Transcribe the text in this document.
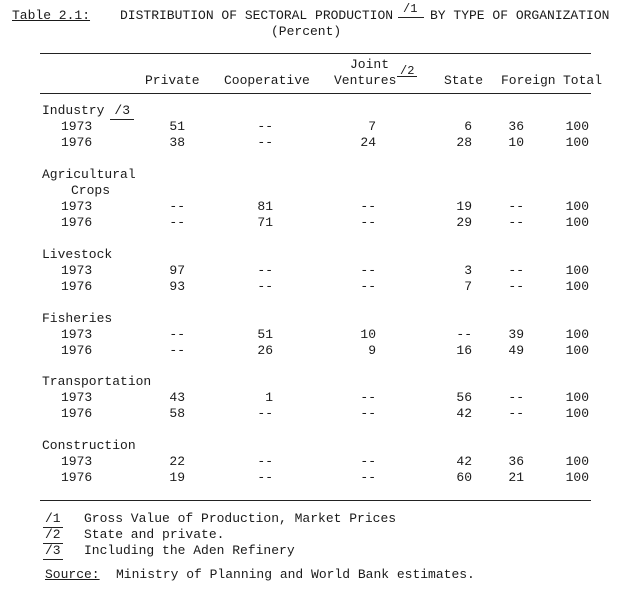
Table 2.1: DISTRIBUTION OF SECTORAL PRODUCTION /1 BY TYPE OF ORGANIZATION
(Percent)
Private Cooperative
Joint
Ventures
/2
State Foreign Total
Industry /3
1973	51	--	7	6	36	100
1976	38	--	24	28	10	100
Agricultural
Crops
1973	--	81	--	19	--	100
1976	--	71	--	29	--	100
Livestock
1973	97	--	--	3	--	100
1976	93	--	--	7	--	100
Fisheries
1973	--	51	10	--	39	100
1976	--	26	9	16	49	100
Transportation
1973	43	1	--	56	--	100
1976	58	--	--	42	--	100
Construction
1973	22	--	--	42	36	100
1976	19	--	--	60	21	100
/1 Gross Value of Production, Market Prices
/2 State and private.
/3 Including the Aden Refinery
Source: Ministry of Planning and World Bank estimates.
